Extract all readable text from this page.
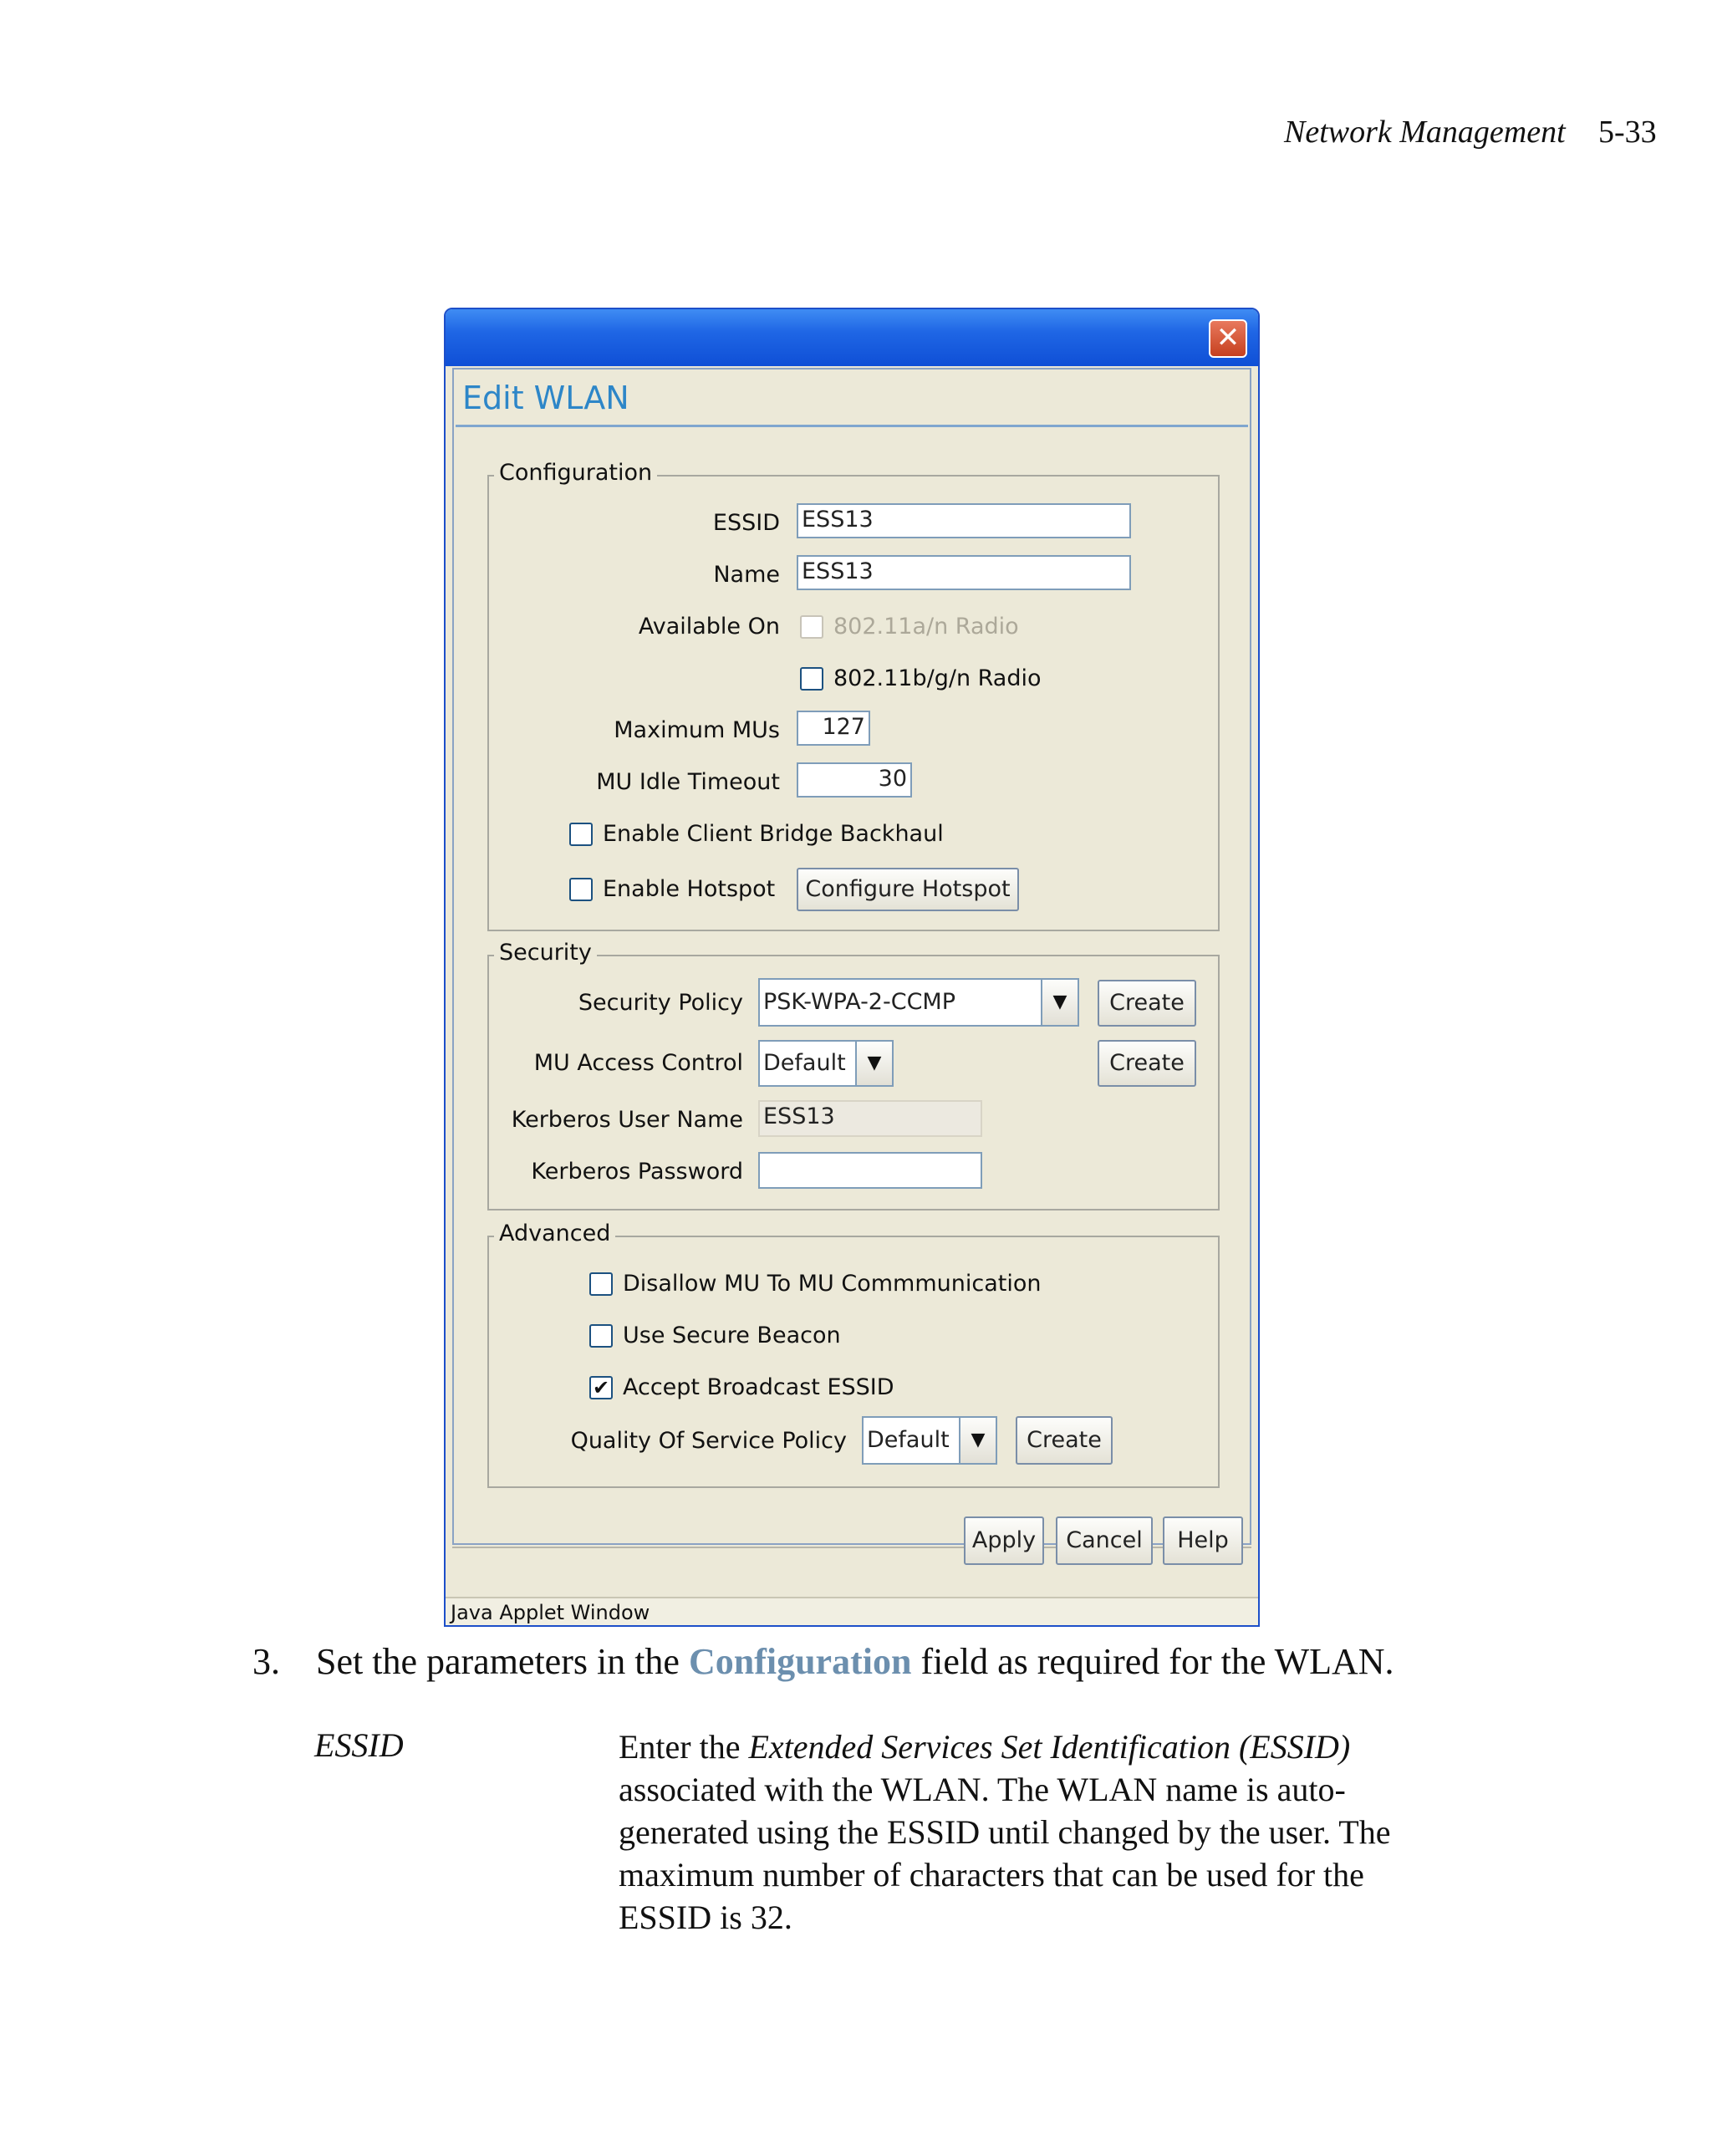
Network Management 5-33
✕
Edit WLAN
Configuration
ESSID ESS13
Name ESS13
Available On 802.11a/n Radio
802.11b/g/n Radio
Maximum MUs	127
MU Idle Timeout	30
Enable Client Bridge Backhaul
Enable Hotspot	Configure Hotspot
Security
Security Policy PSK-WPA-2-CCMP	▼	Create
MU Access Control Default	▼	Create
Kerberos User Name ESS13
Kerberos Password
Advanced
Disallow MU To MU Commmunication
Use Secure Beacon
✔ Accept Broadcast ESSID
Quality Of Service Policy Default	▼	Create
Apply	Cancel	Help
Java Applet Window
3. Set the parameters in the Configuration field as required for the WLAN.
ESSID	Enter the Extended Services Set Identification (ESSID)
associated with the WLAN. The WLAN name is auto-
generated using the ESSID until changed by the user. The
maximum number of characters that can be used for the
ESSID is 32.
